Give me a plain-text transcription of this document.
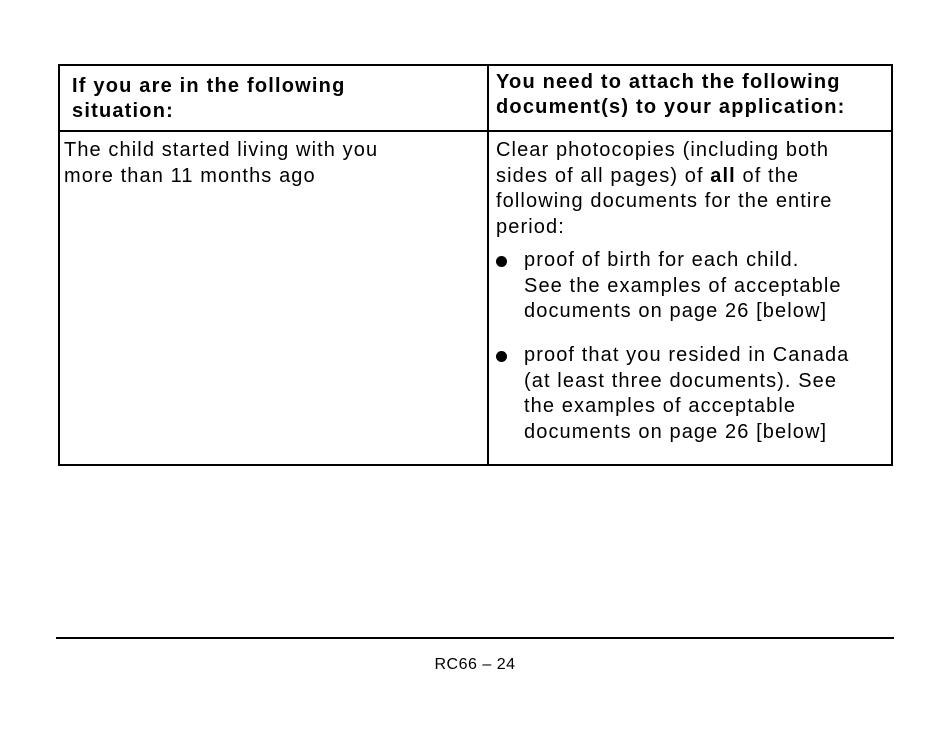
If you are in the following
situation:
You need to attach the following
document(s) to your application:
The child started living with you
more than 11 months ago
Clear photocopies (including both
sides of all pages) of all of the
following documents for the entire
period:
proof of birth for each child.
See the examples of acceptable
documents on page 26 [below]
proof that you resided in Canada
(at least three documents). See
the examples of acceptable
documents on page 26 [below]
RC66 – 24
